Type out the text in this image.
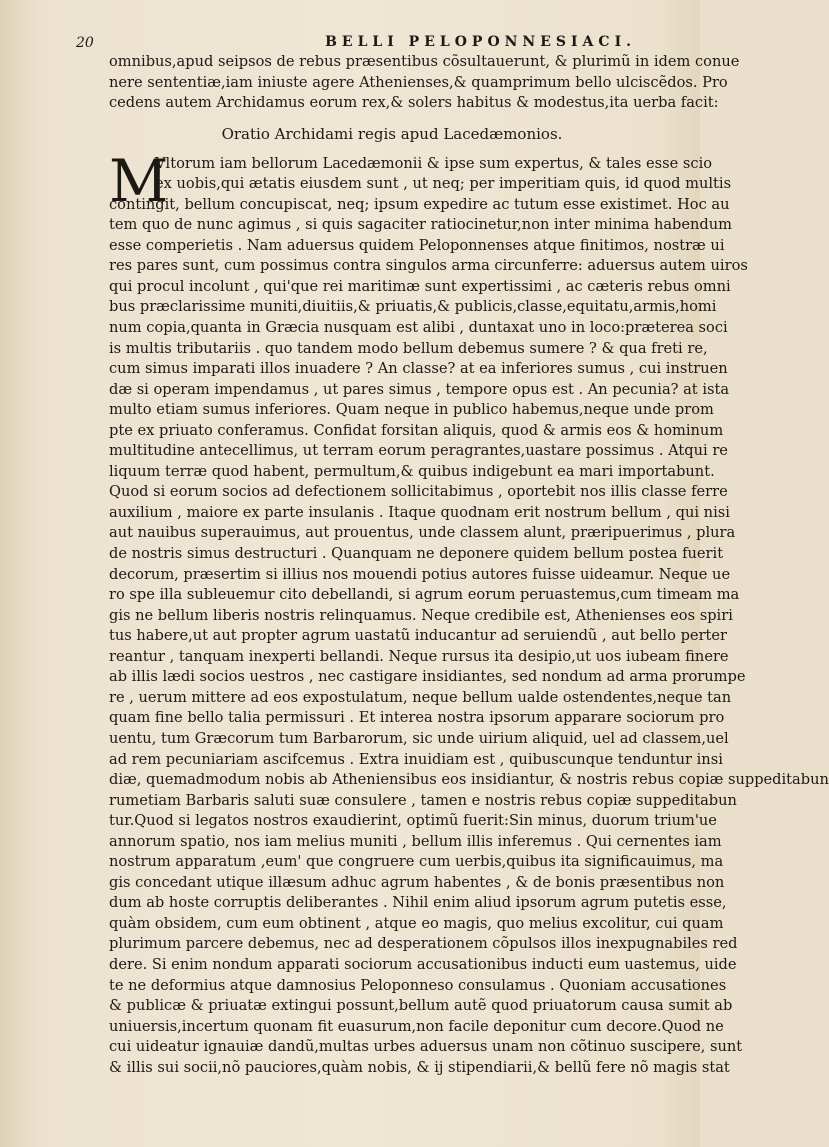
20	BELLI PELOPONNESIACI.
omnibus,apud seipsos de rebus præsentibus cõsultauerunt, & plurimũ in idem conue
nere sententiæ,iam iniuste agere Athenienses,& quamprimum bello ulciscẽdos. Pro
cedens autem Archidamus eorum rex,& solers habitus & modestus,ita uerba facit:
Oratio Archidami regis apud Lacedæmonios.
M
Vltorum iam bellorum Lacedæmonii & ipse sum expertus, & tales esse scio
ex uobis,qui ætatis eiusdem sunt , ut neq; per imperitiam quis, id quod multis
contingit, bellum concupiscat, neq; ipsum expedire ac tutum esse existimet. Hoc au
tem quo de nunc agimus , si quis sagaciter ratiocinetur,non inter minima habendum
esse comperietis . Nam aduersus quidem Peloponnenses atque finitimos, nostræ ui
res pares sunt, cum possimus contra singulos arma circunferre: aduersus autem uiros
qui procul incolunt , qui'que rei maritimæ sunt expertissimi , ac cæteris rebus omni
bus præclarissime muniti,diuitiis,& priuatis,& publicis,classe,equitatu,armis,homi
num copia,quanta in Græcia nusquam est alibi , duntaxat uno in loco:præterea soci
is multis tributariis . quo tandem modo bellum debemus sumere ? & qua freti re,
cum simus imparati illos inuadere ? An classe? at ea inferiores sumus , cui instruen
dæ si operam impendamus , ut pares simus , tempore opus est . An pecunia? at ista
multo etiam sumus inferiores. Quam neque in publico habemus,neque unde prom
pte ex priuato conferamus. Confidat forsitan aliquis, quod & armis eos & hominum
multitudine antecellimus, ut terram eorum peragrantes,uastare possimus . Atqui re
liquum terræ quod habent, permultum,& quibus indigebunt ea mari importabunt.
Quod si eorum socios ad defectionem sollicitabimus , oportebit nos illis classe ferre
auxilium , maiore ex parte insulanis . Itaque quodnam erit nostrum bellum , qui nisi
aut nauibus superauimus, aut prouentus, unde classem alunt, præripuerimus , plura
de nostris simus destructuri . Quanquam ne deponere quidem bellum postea fuerit
decorum, præsertim si illius nos mouendi potius autores fuisse uideamur. Neque ue
ro spe illa subleuemur cito debellandi, si agrum eorum peruastemus,cum timeam ma
gis ne bellum liberis nostris relinquamus. Neque credibile est, Athenienses eos spiri
tus habere,ut aut propter agrum uastatũ inducantur ad seruiendũ , aut bello perter
reantur , tanquam inexperti bellandi. Neque rursus ita desipio,ut uos iubeam finere
ab illis lædi socios uestros , nec castigare insidiantes, sed nondum ad arma prorumpe
re , uerum mittere ad eos expostulatum, neque bellum ualde ostendentes,neque tan
quam fine bello talia permissuri . Et interea nostra ipsorum apparare sociorum pro
uentu, tum Græcorum tum Barbarorum, sic unde uirium aliquid, uel ad classem,uel
ad rem pecuniariam ascifcemus . Extra inuidiam est , quibuscunque tenduntur insi
diæ, quemadmodum nobis ab Atheniensibus eos insidiantur, & nostris rebus copiæ suppeditabun
rumetiam Barbaris saluti suæ consulere , tamen e nostris rebus copiæ suppeditabun
tur.Quod si legatos nostros exaudierint, optimũ fuerit:Sin minus, duorum trium'ue
annorum spatio, nos iam melius muniti , bellum illis inferemus . Qui cernentes iam
nostrum apparatum ,eum' que congruere cum uerbis,quibus ita significauimus, ma
gis concedant utique illæsum adhuc agrum habentes , & de bonis præsentibus non
dum ab hoste corruptis deliberantes . Nihil enim aliud ipsorum agrum putetis esse,
quàm obsidem, cum eum obtinent , atque eo magis, quo melius excolitur, cui quam
plurimum parcere debemus, nec ad desperationem cõpulsos illos inexpugnabiles red
dere. Si enim nondum apparati sociorum accusationibus inducti eum uastemus, uide
te ne deformius atque damnosius Peloponneso consulamus . Quoniam accusationes
& publicæ & priuatæ extingui possunt,bellum autẽ quod priuatorum causa sumit ab
uniuersis,incertum quonam fit euasurum,non facile deponitur cum decore.Quod ne
cui uideatur ignauiæ dandũ,multas urbes aduersus unam non cõtinuo suscipere, sunt
& illis sui socii,nõ pauciores,quàm nobis, & ij stipendiarii,& bellũ fere nõ magis stat
